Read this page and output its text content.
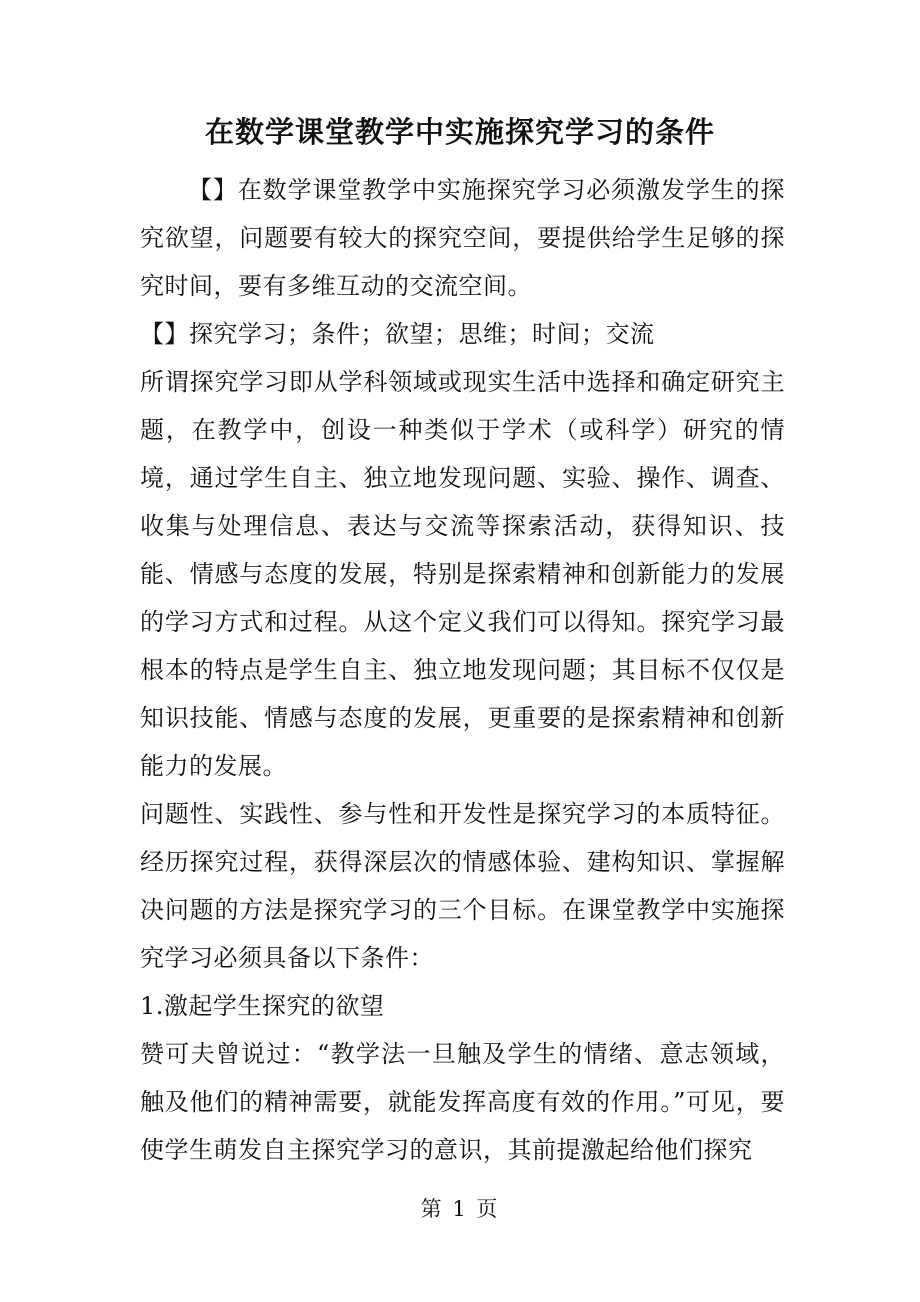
在数学课堂教学中实施探究学习的条件

【】在数学课堂教学中实施探究学习必须激发学生的探究欲望，问题要有较大的探究空间，要提供给学生足够的探究时间，要有多维互动的交流空间。

【】探究学习；条件；欲望；思维；时间；交流

所谓探究学习即从学科领域或现实生活中选择和确定研究主题，在教学中，创设一种类似于学术（或科学）研究的情境，通过学生自主、独立地发现问题、实验、操作、调查、收集与处理信息、表达与交流等探索活动，获得知识、技能、情感与态度的发展，特别是探索精神和创新能力的发展的学习方式和过程。从这个定义我们可以得知。探究学习最根本的特点是学生自主、独立地发现问题；其目标不仅仅是知识技能、情感与态度的发展，更重要的是探索精神和创新能力的发展。

问题性、实践性、参与性和开发性是探究学习的本质特征。经历探究过程，获得深层次的情感体验、建构知识、掌握解决问题的方法是探究学习的三个目标。在课堂教学中实施探究学习必须具备以下条件：

1.激起学生探究的欲望

赞可夫曾说过：“教学法一旦触及学生的情绪、意志领域，触及他们的精神需要，就能发挥高度有效的作用。”可见，要使学生萌发自主探究学习的意识，其前提激起给他们探究

第 1 页
